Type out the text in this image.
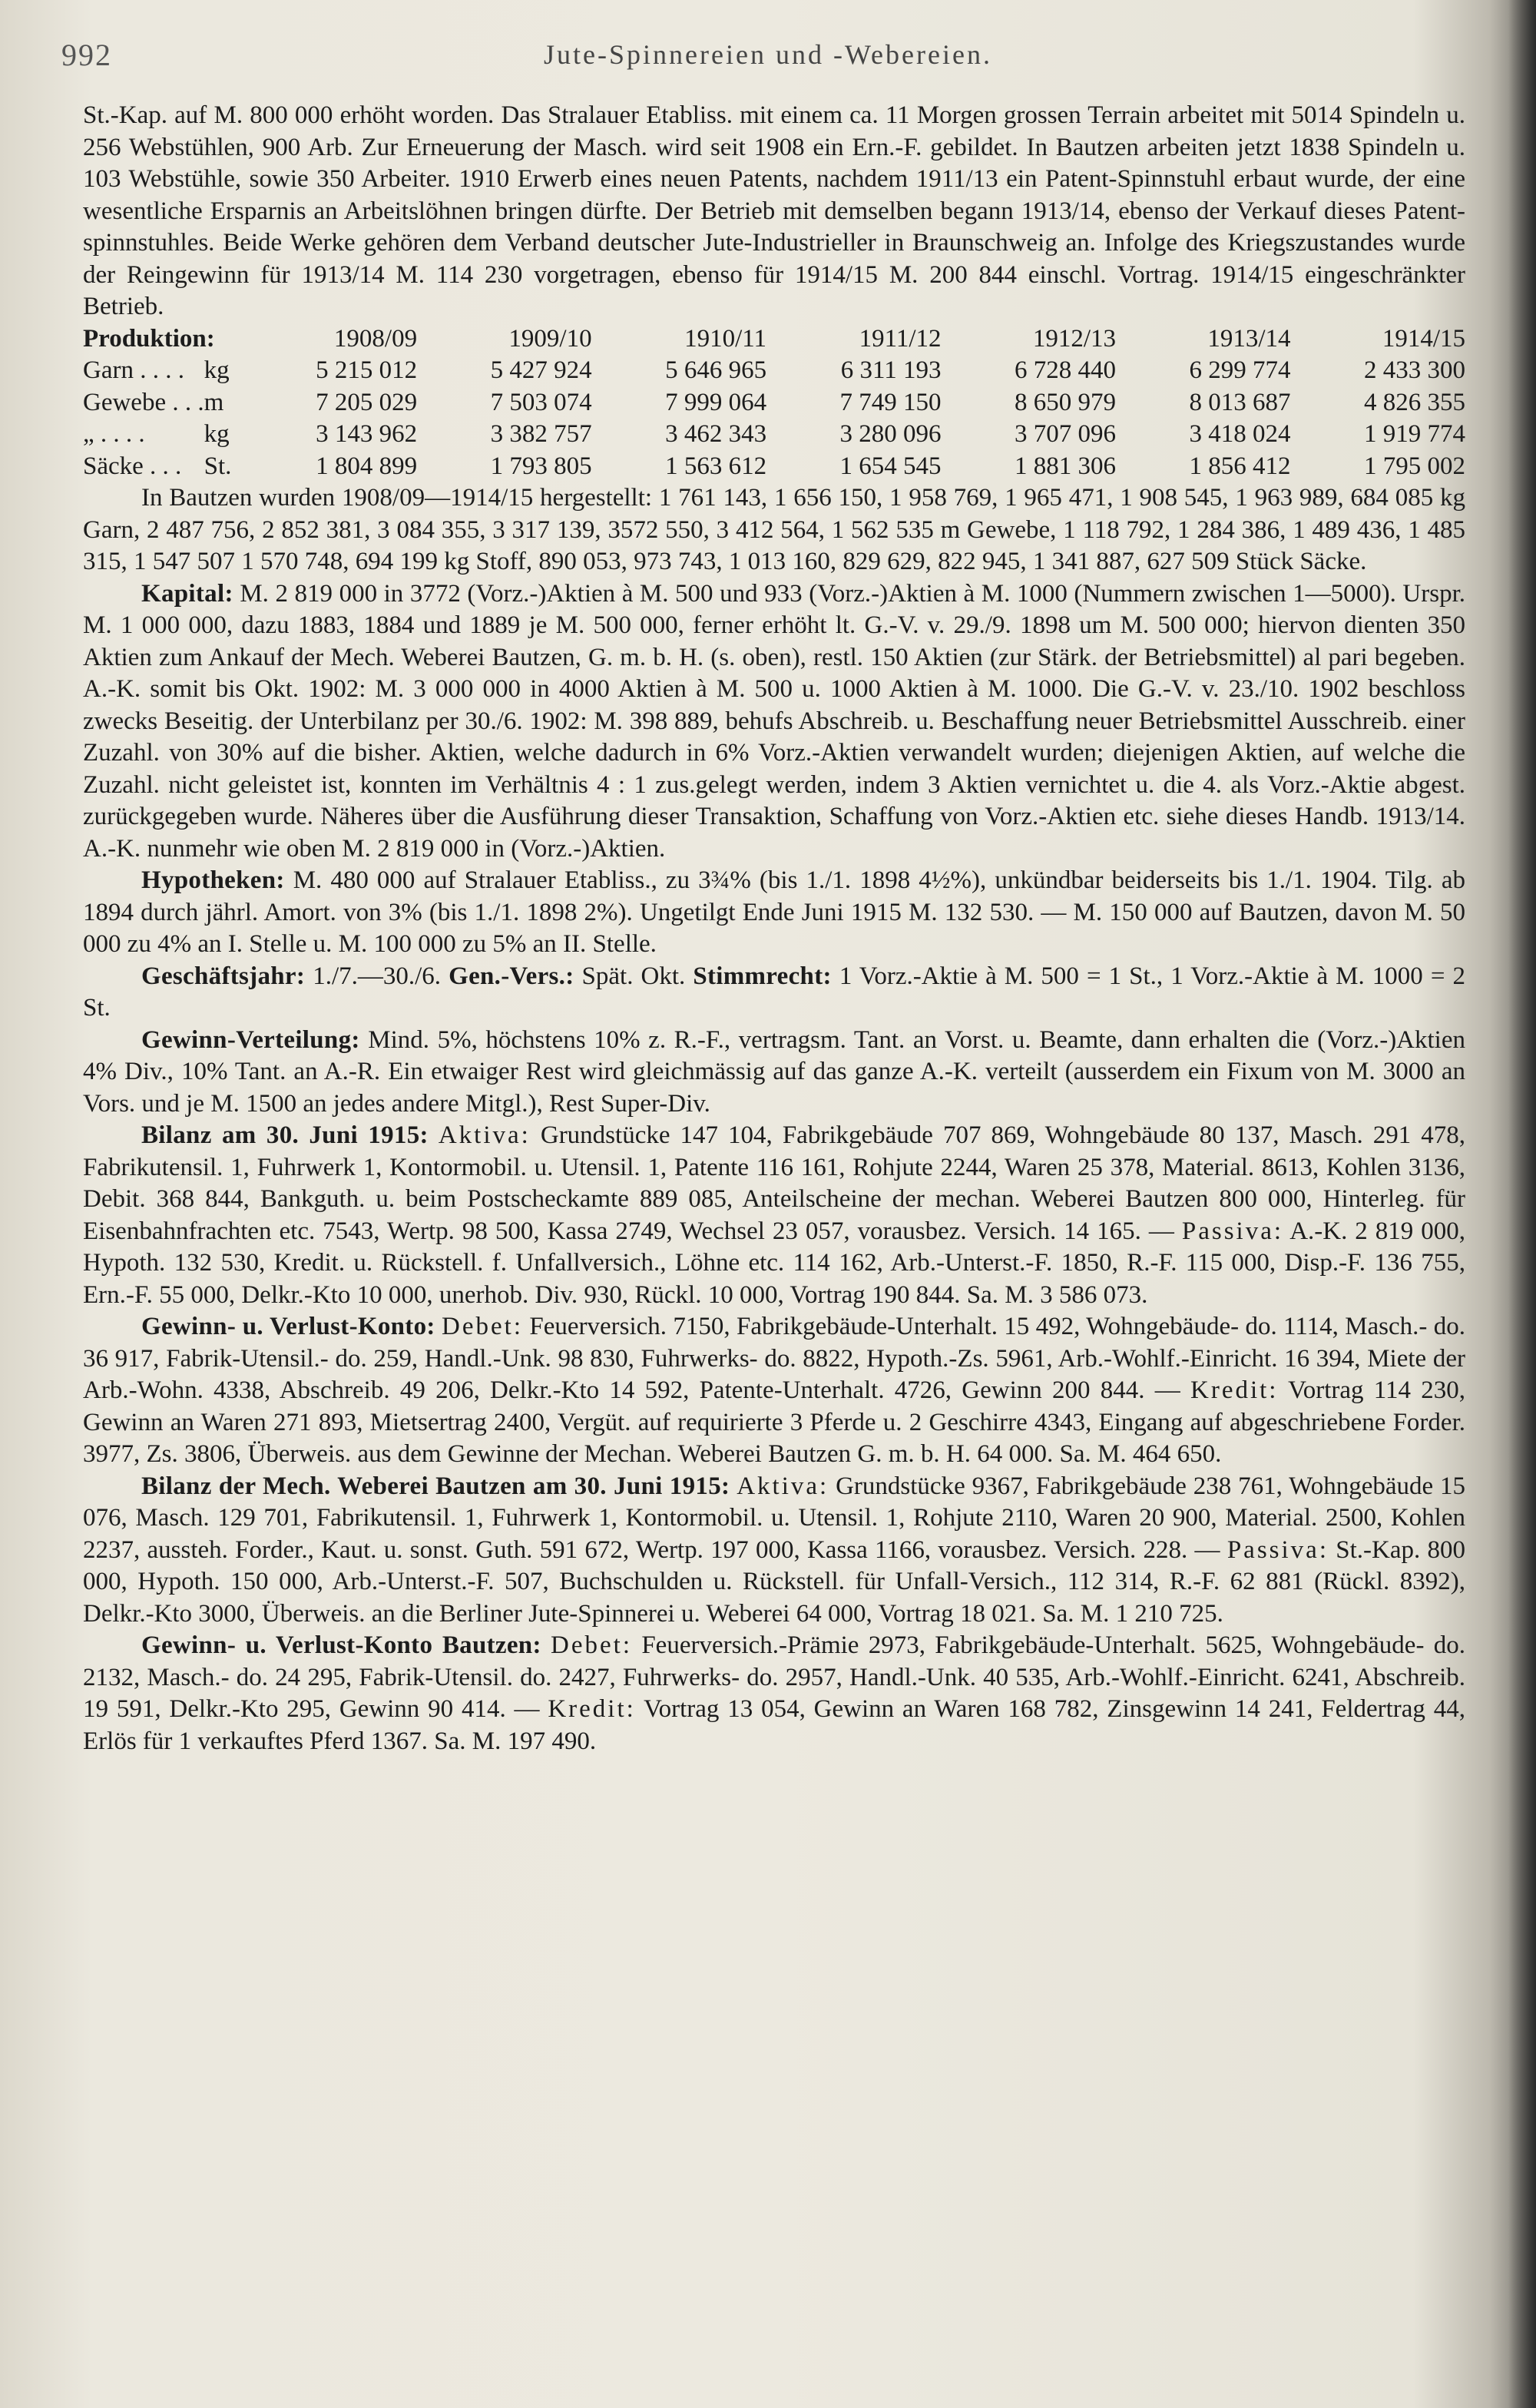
992	Jute-Spinnereien und -Webereien.

St.-Kap. auf M. 800 000 erhöht worden. Das Stralauer Etabliss. mit einem ca. 11 Morgen grossen Terrain arbeitet mit 5014 Spindeln u. 256 Webstühlen, 900 Arb. Zur Erneuerung der Masch. wird seit 1908 ein Ern.-F. gebildet. In Bautzen arbeiten jetzt 1838 Spindeln u. 103 Webstühle, sowie 350 Arbeiter. 1910 Erwerb eines neuen Patents, nachdem 1911/13 ein Patent-Spinnstuhl erbaut wurde, der eine wesentliche Ersparnis an Arbeitslöhnen bringen dürfte. Der Betrieb mit demselben begann 1913/14, ebenso der Verkauf dieses Patent-spinnstuhles. Beide Werke gehören dem Verband deutscher Jute-Industrieller in Braunschweig an. Infolge des Kriegszustandes wurde der Reingewinn für 1913/14 M. 114 230 vorgetragen, ebenso für 1914/15 M. 200 844 einschl. Vortrag. 1914/15 eingeschränkter Betrieb.

Produktion:		1908/09	1909/10	1910/11	1911/12	1912/13	1913/14	1914/15
Garn . . . .	kg	5 215 012	5 427 924	5 646 965	6 311 193	6 728 440	6 299 774	2 433 300
Gewebe . . .	m	7 205 029	7 503 074	7 999 064	7 749 150	8 650 979	8 013 687	4 826 355
„ . . . .	kg	3 143 962	3 382 757	3 462 343	3 280 096	3 707 096	3 418 024	1 919 774
Säcke . . .	St.	1 804 899	1 793 805	1 563 612	1 654 545	1 881 306	1 856 412	1 795 002

In Bautzen wurden 1908/09—1914/15 hergestellt: 1 761 143, 1 656 150, 1 958 769, 1 965 471, 1 908 545, 1 963 989, 684 085 kg Garn, 2 487 756, 2 852 381, 3 084 355, 3 317 139, 3572 550, 3 412 564, 1 562 535 m Gewebe, 1 118 792, 1 284 386, 1 489 436, 1 485 315, 1 547 507 1 570 748, 694 199 kg Stoff, 890 053, 973 743, 1 013 160, 829 629, 822 945, 1 341 887, 627 509 Stück Säcke.

Kapital: M. 2 819 000 in 3772 (Vorz.-)Aktien à M. 500 und 933 (Vorz.-)Aktien à M. 1000 (Nummern zwischen 1—5000). Urspr. M. 1 000 000, dazu 1883, 1884 und 1889 je M. 500 000, ferner erhöht lt. G.-V. v. 29./9. 1898 um M. 500 000; hiervon dienten 350 Aktien zum Ankauf der Mech. Weberei Bautzen, G. m. b. H. (s. oben), restl. 150 Aktien (zur Stärk. der Betriebsmittel) al pari begeben. A.-K. somit bis Okt. 1902: M. 3 000 000 in 4000 Aktien à M. 500 u. 1000 Aktien à M. 1000. Die G.-V. v. 23./10. 1902 beschloss zwecks Beseitig. der Unterbilanz per 30./6. 1902: M. 398 889, behufs Abschreib. u. Beschaffung neuer Betriebsmittel Ausschreib. einer Zuzahl. von 30% auf die bisher. Aktien, welche dadurch in 6% Vorz.-Aktien verwandelt wurden; diejenigen Aktien, auf welche die Zuzahl. nicht geleistet ist, konnten im Verhältnis 4 : 1 zus.gelegt werden, indem 3 Aktien vernichtet u. die 4. als Vorz.-Aktie abgest. zurückgegeben wurde. Näheres über die Ausführung dieser Transaktion, Schaffung von Vorz.-Aktien etc. siehe dieses Handb. 1913/14. A.-K. nunmehr wie oben M. 2 819 000 in (Vorz.-)Aktien.

Hypotheken: M. 480 000 auf Stralauer Etabliss., zu 3¾% (bis 1./1. 1898 4½%), unkündbar beiderseits bis 1./1. 1904. Tilg. ab 1894 durch jährl. Amort. von 3% (bis 1./1. 1898 2%). Ungetilgt Ende Juni 1915 M. 132 530. — M. 150 000 auf Bautzen, davon M. 50 000 zu 4% an I. Stelle u. M. 100 000 zu 5% an II. Stelle.

Geschäftsjahr: 1./7.—30./6. Gen.-Vers.: Spät. Okt. Stimmrecht: 1 Vorz.-Aktie à M. 500 = 1 St., 1 Vorz.-Aktie à M. 1000 = 2 St.

Gewinn-Verteilung: Mind. 5%, höchstens 10% z. R.-F., vertragsm. Tant. an Vorst. u. Beamte, dann erhalten die (Vorz.-)Aktien 4% Div., 10% Tant. an A.-R. Ein etwaiger Rest wird gleichmässig auf das ganze A.-K. verteilt (ausserdem ein Fixum von M. 3000 an Vors. und je M. 1500 an jedes andere Mitgl.), Rest Super-Div.

Bilanz am 30. Juni 1915: Aktiva: Grundstücke 147 104, Fabrikgebäude 707 869, Wohngebäude 80 137, Masch. 291 478, Fabrikutensil. 1, Fuhrwerk 1, Kontormobil. u. Utensil. 1, Patente 116 161, Rohjute 2244, Waren 25 378, Material. 8613, Kohlen 3136, Debit. 368 844, Bankguth. u. beim Postscheckamte 889 085, Anteilscheine der mechan. Weberei Bautzen 800 000, Hinterleg. für Eisenbahnfrachten etc. 7543, Wertp. 98 500, Kassa 2749, Wechsel 23 057, vorausbez. Versich. 14 165. — Passiva: A.-K. 2 819 000, Hypoth. 132 530, Kredit. u. Rückstell. f. Unfallversich., Löhne etc. 114 162, Arb.-Unterst.-F. 1850, R.-F. 115 000, Disp.-F. 136 755, Ern.-F. 55 000, Delkr.-Kto 10 000, unerhob. Div. 930, Rückl. 10 000, Vortrag 190 844. Sa. M. 3 586 073.

Gewinn- u. Verlust-Konto: Debet: Feuerversich. 7150, Fabrikgebäude-Unterhalt. 15 492, Wohngebäude- do. 1114, Masch.- do. 36 917, Fabrik-Utensil.- do. 259, Handl.-Unk. 98 830, Fuhrwerks- do. 8822, Hypoth.-Zs. 5961, Arb.-Wohlf.-Einricht. 16 394, Miete der Arb.-Wohn. 4338, Abschreib. 49 206, Delkr.-Kto 14 592, Patente-Unterhalt. 4726, Gewinn 200 844. — Kredit: Vortrag 114 230, Gewinn an Waren 271 893, Mietsertrag 2400, Vergüt. auf requirierte 3 Pferde u. 2 Geschirre 4343, Eingang auf abgeschriebene Forder. 3977, Zs. 3806, Überweis. aus dem Gewinne der Mechan. Weberei Bautzen G. m. b. H. 64 000. Sa. M. 464 650.

Bilanz der Mech. Weberei Bautzen am 30. Juni 1915: Aktiva: Grundstücke 9367, Fabrikgebäude 238 761, Wohngebäude 15 076, Masch. 129 701, Fabrikutensil. 1, Fuhrwerk 1, Kontormobil. u. Utensil. 1, Rohjute 2110, Waren 20 900, Material. 2500, Kohlen 2237, aussteh. Forder., Kaut. u. sonst. Guth. 591 672, Wertp. 197 000, Kassa 1166, vorausbez. Versich. 228. — Passiva: St.-Kap. 800 000, Hypoth. 150 000, Arb.-Unterst.-F. 507, Buchschulden u. Rückstell. für Unfall-Versich., 112 314, R.-F. 62 881 (Rückl. 8392), Delkr.-Kto 3000, Überweis. an die Berliner Jute-Spinnerei u. Weberei 64 000, Vortrag 18 021. Sa. M. 1 210 725.

Gewinn- u. Verlust-Konto Bautzen: Debet: Feuerversich.-Prämie 2973, Fabrikgebäude-Unterhalt. 5625, Wohngebäude- do. 2132, Masch.- do. 24 295, Fabrik-Utensil. do. 2427, Fuhrwerks- do. 2957, Handl.-Unk. 40 535, Arb.-Wohlf.-Einricht. 6241, Abschreib. 19 591, Delkr.-Kto 295, Gewinn 90 414. — Kredit: Vortrag 13 054, Gewinn an Waren 168 782, Zinsgewinn 14 241, Feldertrag 44, Erlös für 1 verkauftes Pferd 1367. Sa. M. 197 490.
